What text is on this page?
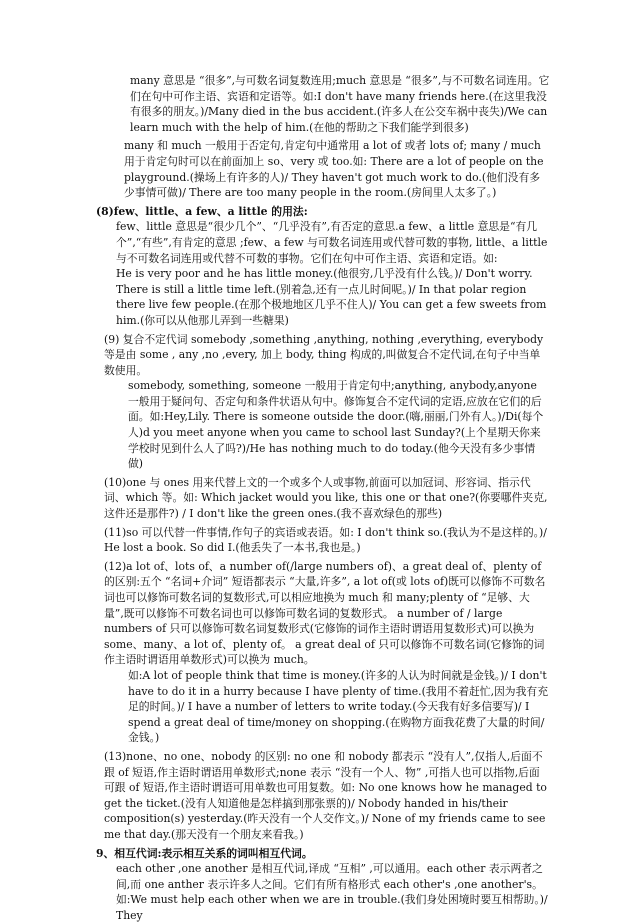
many 意思是 “很多”,与可数名词复数连用;much 意思是 “很多”,与不可数名词连用。它们在句中可作主语、宾语和定语等。如:I don't have many friends here.(在这里我没有很多的朋友。)/Many died in the bus accident.(许多人在公交车祸中丧失)/We can learn much with the help of him.(在他的帮助之下我们能学到很多)

many 和 much 一般用于否定句,肯定句中通常用 a lot of 或者 lots of; many / much 用于肯定句时可以在前面加上 so、very 或 too.如: There are a lot of people on the playground.(操场上有许多的人)/ They haven't got much work to do.(他们没有多少事情可做)/ There are too many people in the room.(房间里人太多了。)

(8)few、little、a few、a little 的用法:

few、little 意思是“很少几个”、“几乎没有”,有否定的意思.a few、a little 意思是“有几个”,“有些”,有肯定的意思 ;few、a few 与可数名词连用或代替可数的事物, little、a little 与不可数名词连用或代替不可数的事物。它们在句中可作主语、宾语和定语。如:

He is very poor and he has little money.(他很穷,几乎没有什么钱。)/ Don't worry. There is still a little time left.(别着急,还有一点儿时间呢。)/ In that polar region there live few people.(在那个极地地区几乎不住人)/ You can get a few sweets from him.(你可以从他那儿弄到一些糖果)

(9) 复合不定代词 somebody ,something ,anything, nothing ,everything, everybody 等是由 some , any ,no ,every, 加上 body, thing 构成的,叫做复合不定代词,在句子中当单数使用。

somebody, something, someone 一般用于肯定句中;anything, anybody,anyone 一般用于疑问句、否定句和条件状语从句中。修饰复合不定代词的定语,应放在它们的后面。如:Hey,Lily. There is someone outside the door.(嗨,丽丽,门外有人。)/Di(每个人)d you meet anyone when you came to school last Sunday?(上个星期天你来学校时见到什么人了吗?)/He has nothing much to do today.(他今天没有多少事情做)

(10)one 与 ones 用来代替上文的一个或多个人或事物,前面可以加冠词、形容词、指示代词、which 等。如: Which jacket would you like, this one or that one?(你要哪件夹克,这件还是那件?) / I don't like the green ones.(我不喜欢绿色的那些)

(11)so 可以代替一件事情,作句子的宾语或表语。如: I don't think so.(我认为不是这样的。)/ He lost a book. So did I.(他丢失了一本书,我也是。)

(12)a lot of、lots of、a number of(/large numbers of)、a great deal of、plenty of 的区别:五个 “名词+介词” 短语都表示 “大量,许多”, a lot of(或 lots of)既可以修饰不可数名词也可以修饰可数名词的复数形式,可以相应地换为 much 和 many;plenty of “足够、大量”,既可以修饰不可数名词也可以修饰可数名词的复数形式。 a number of / large numbers of 只可以修饰可数名词复数形式(它修饰的词作主语时谓语用复数形式)可以换为 some、many、a lot of、plenty of。 a great deal of 只可以修饰不可数名词(它修饰的词作主语时谓语用单数形式)可以换为 much。

如:A lot of people think that time is money.(许多的人认为时间就是金钱。)/ I don't have to do it in a hurry because I have plenty of time.(我用不着赶忙,因为我有充足的时间。)/ I have a number of letters to write today.(今天我有好多信要写)/ I spend a great deal of time/money on shopping.(在购物方面我花费了大量的时间/金钱。)

(13)none、no one、nobody 的区别: no one 和 nobody 都表示 “没有人”,仅指人,后面不跟 of 短语,作主语时谓语用单数形式;none 表示 “没有一个人、物” ,可指人也可以指物,后面可跟 of 短语,作主语时谓语可用单数也可用复数。如: No one knows how he managed to get the ticket.(没有人知道他是怎样搞到那张票的)/ Nobody handed in his/their composition(s) yesterday.(昨天没有一个人交作文。)/ None of my friends came to see me that day.(那天没有一个朋友来看我。)

9、相互代词:表示相互关系的词叫相互代词。

each other ,one another 是相互代词,译成 “互相” ,可以通用。each other 表示两者之间,而 one anther 表示许多人之间。它们有所有格形式 each other's ,one another's。如:We must help each other when we are in trouble.(我们身处困境时要互相帮助。)/ They
